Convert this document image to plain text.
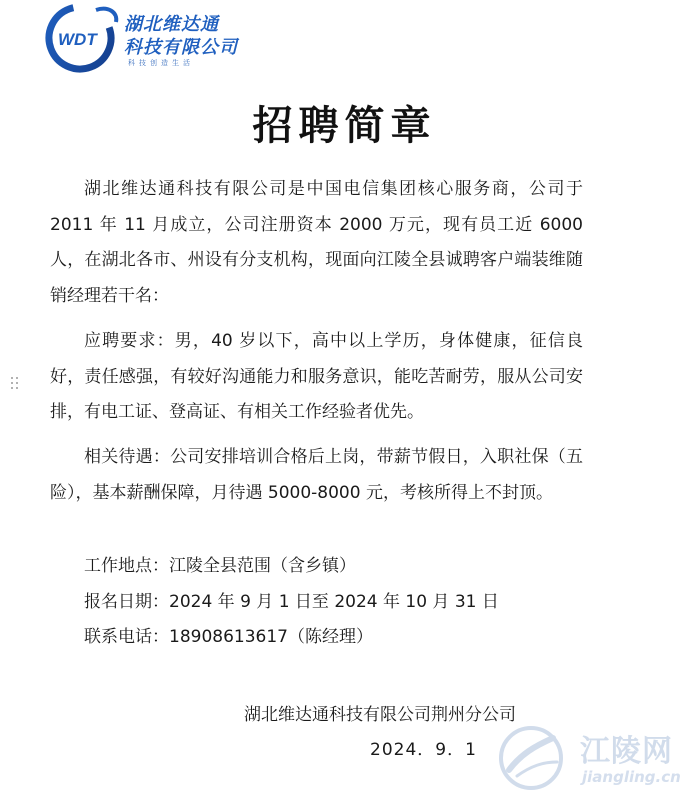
WDT
湖北维达通
科技有限公司
科技创造生活
招聘简章

湖北维达通科技有限公司是中国电信集团核心服务商，公司于 2011 年 11 月成立，公司注册资本 2000 万元，现有员工近 6000 人，在湖北各市、州设有分支机构，现面向江陵全县诚聘客户端装维随销经理若干名：

应聘要求：男，40 岁以下，高中以上学历，身体健康，征信良好，责任感强，有较好沟通能力和服务意识，能吃苦耐劳，服从公司安排，有电工证、登高证、有相关工作经验者优先。

相关待遇：公司安排培训合格后上岗，带薪节假日，入职社保（五险），基本薪酬保障，月待遇 5000-8000 元，考核所得上不封顶。

工作地点：江陵全县范围（含乡镇）

报名日期：2024 年 9 月 1 日至 2024 年 10 月 31 日

联系电话：18908613617（陈经理）

湖北维达通科技有限公司荆州分公司
2024．9．1	江陵网
jiangling.cn
